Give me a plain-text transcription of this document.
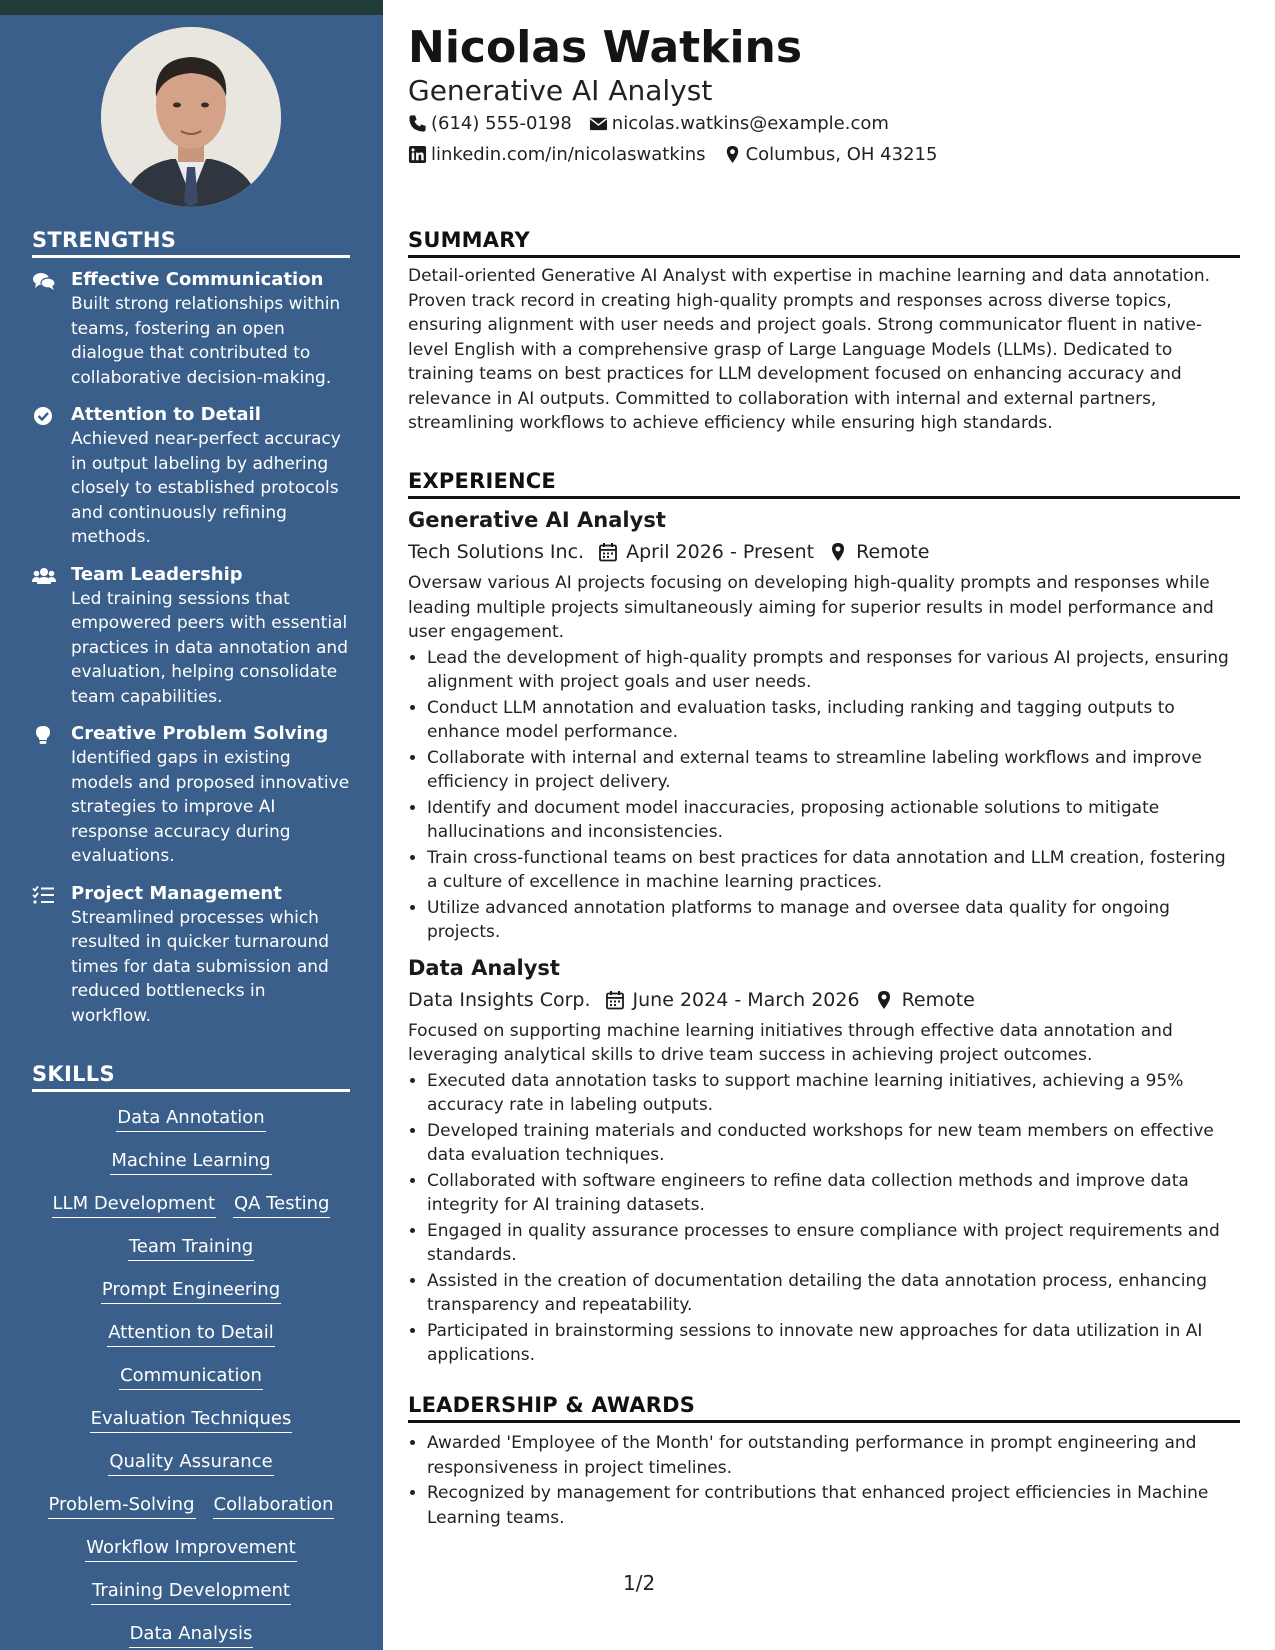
STRENGTHS
Effective Communication
Built strong relationships within teams, fostering an open dialogue that contributed to collaborative decision-making.
Attention to Detail
Achieved near-perfect accuracy in output labeling by adhering closely to established protocols and continuously refining methods.
Team Leadership
Led training sessions that empowered peers with essential practices in data annotation and evaluation, helping consolidate team capabilities.
Creative Problem Solving
Identified gaps in existing models and proposed innovative strategies to improve AI response accuracy during evaluations.
Project Management
Streamlined processes which resulted in quicker turnaround times for data submission and reduced bottlenecks in workflow.
SKILLS
Data Annotation
Machine Learning
LLM Development QA Testing
Team Training
Prompt Engineering
Attention to Detail
Communication
Evaluation Techniques
Quality Assurance
Problem-Solving Collaboration
Workflow Improvement
Training Development
Data Analysis
Nicolas Watkins
Generative AI Analyst
(614) 555-0198 nicolas.watkins@example.com
linkedin.com/in/nicolaswatkins Columbus, OH 43215
SUMMARY
Detail-oriented Generative AI Analyst with expertise in machine learning and data annotation. Proven track record in creating high-quality prompts and responses across diverse topics, ensuring alignment with user needs and project goals. Strong communicator fluent in native-level English with a comprehensive grasp of Large Language Models (LLMs). Dedicated to training teams on best practices for LLM development focused on enhancing accuracy and relevance in AI outputs. Committed to collaboration with internal and external partners, streamlining workflows to achieve efficiency while ensuring high standards.
EXPERIENCE
Generative AI Analyst
Tech Solutions Inc. April 2026 - Present Remote
Oversaw various AI projects focusing on developing high-quality prompts and responses while leading multiple projects simultaneously aiming for superior results in model performance and user engagement.
• Lead the development of high-quality prompts and responses for various AI projects, ensuring alignment with project goals and user needs.
• Conduct LLM annotation and evaluation tasks, including ranking and tagging outputs to enhance model performance.
• Collaborate with internal and external teams to streamline labeling workflows and improve efficiency in project delivery.
• Identify and document model inaccuracies, proposing actionable solutions to mitigate hallucinations and inconsistencies.
• Train cross-functional teams on best practices for data annotation and LLM creation, fostering a culture of excellence in machine learning practices.
• Utilize advanced annotation platforms to manage and oversee data quality for ongoing projects.
Data Analyst
Data Insights Corp. June 2024 - March 2026 Remote
Focused on supporting machine learning initiatives through effective data annotation and leveraging analytical skills to drive team success in achieving project outcomes.
• Executed data annotation tasks to support machine learning initiatives, achieving a 95% accuracy rate in labeling outputs.
• Developed training materials and conducted workshops for new team members on effective data evaluation techniques.
• Collaborated with software engineers to refine data collection methods and improve data integrity for AI training datasets.
• Engaged in quality assurance processes to ensure compliance with project requirements and standards.
• Assisted in the creation of documentation detailing the data annotation process, enhancing transparency and repeatability.
• Participated in brainstorming sessions to innovate new approaches for data utilization in AI applications.
LEADERSHIP & AWARDS
• Awarded 'Employee of the Month' for outstanding performance in prompt engineering and responsiveness in project timelines.
• Recognized by management for contributions that enhanced project efficiencies in Machine Learning teams.
1/2
